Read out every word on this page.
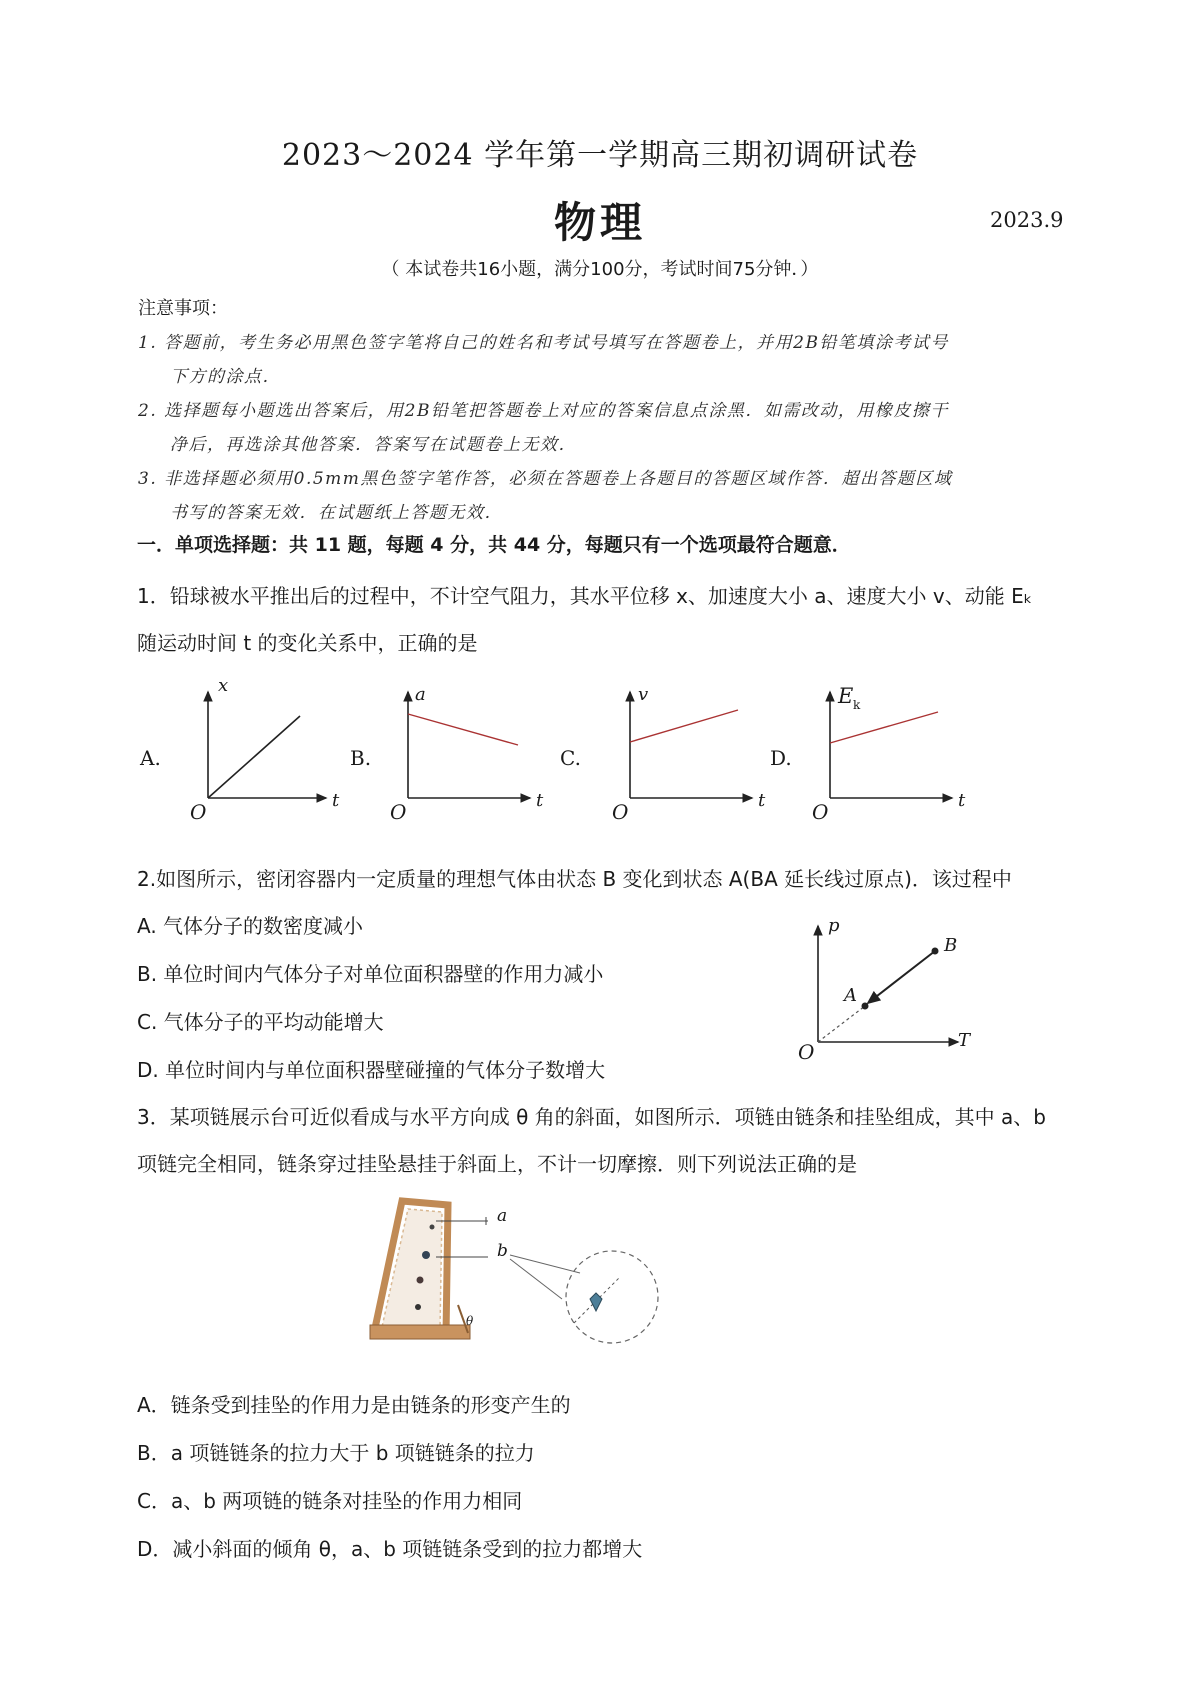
2023～2024 学年第一学期高三期初调研试卷
物理	2023.9
（ 本试卷共16小题，满分100分，考试时间75分钟．）
注意事项：
1. 答题前，考生务必用黑色签字笔将自己的姓名和考试号填写在答题卷上，并用2B铅笔填涂考试号
下方的涂点．
2. 选择题每小题选出答案后，用2B铅笔把答题卷上对应的答案信息点涂黑．如需改动，用橡皮擦干
净后，再选涂其他答案．答案写在试题卷上无效．
3. 非选择题必须用0.5mm黑色签字笔作答，必须在答题卷上各题目的答题区域作答．超出答题区域
书写的答案无效．在试题纸上答题无效．
一．单项选择题：共 11 题，每题 4 分，共 44 分，每题只有一个选项最符合题意．
1．铅球被水平推出后的过程中，不计空气阻力，其水平位移 x、加速度大小 a、速度大小 v、动能 Eₖ
随运动时间 t 的变化关系中，正确的是
A.	B.	C.	D.
x
t
O
a
t
O
v
t
O
E k
t
O
2.如图所示，密闭容器内一定质量的理想气体由状态 B 变化到状态 A(BA 延长线过原点)．该过程中
A. 气体分子的数密度减小
B. 单位时间内气体分子对单位面积器壁的作用力减小
C. 气体分子的平均动能增大
D. 单位时间内与单位面积器壁碰撞的气体分子数增大
p
T
O
B
A
3．某项链展示台可近似看成与水平方向成 θ 角的斜面，如图所示．项链由链条和挂坠组成，其中 a、b
项链完全相同，链条穿过挂坠悬挂于斜面上，不计一切摩擦．则下列说法正确的是
a
b
θ
A．链条受到挂坠的作用力是由链条的形变产生的
B．a 项链链条的拉力大于 b 项链链条的拉力
C．a、b 两项链的链条对挂坠的作用力相同
D．减小斜面的倾角 θ，a、b 项链链条受到的拉力都增大
